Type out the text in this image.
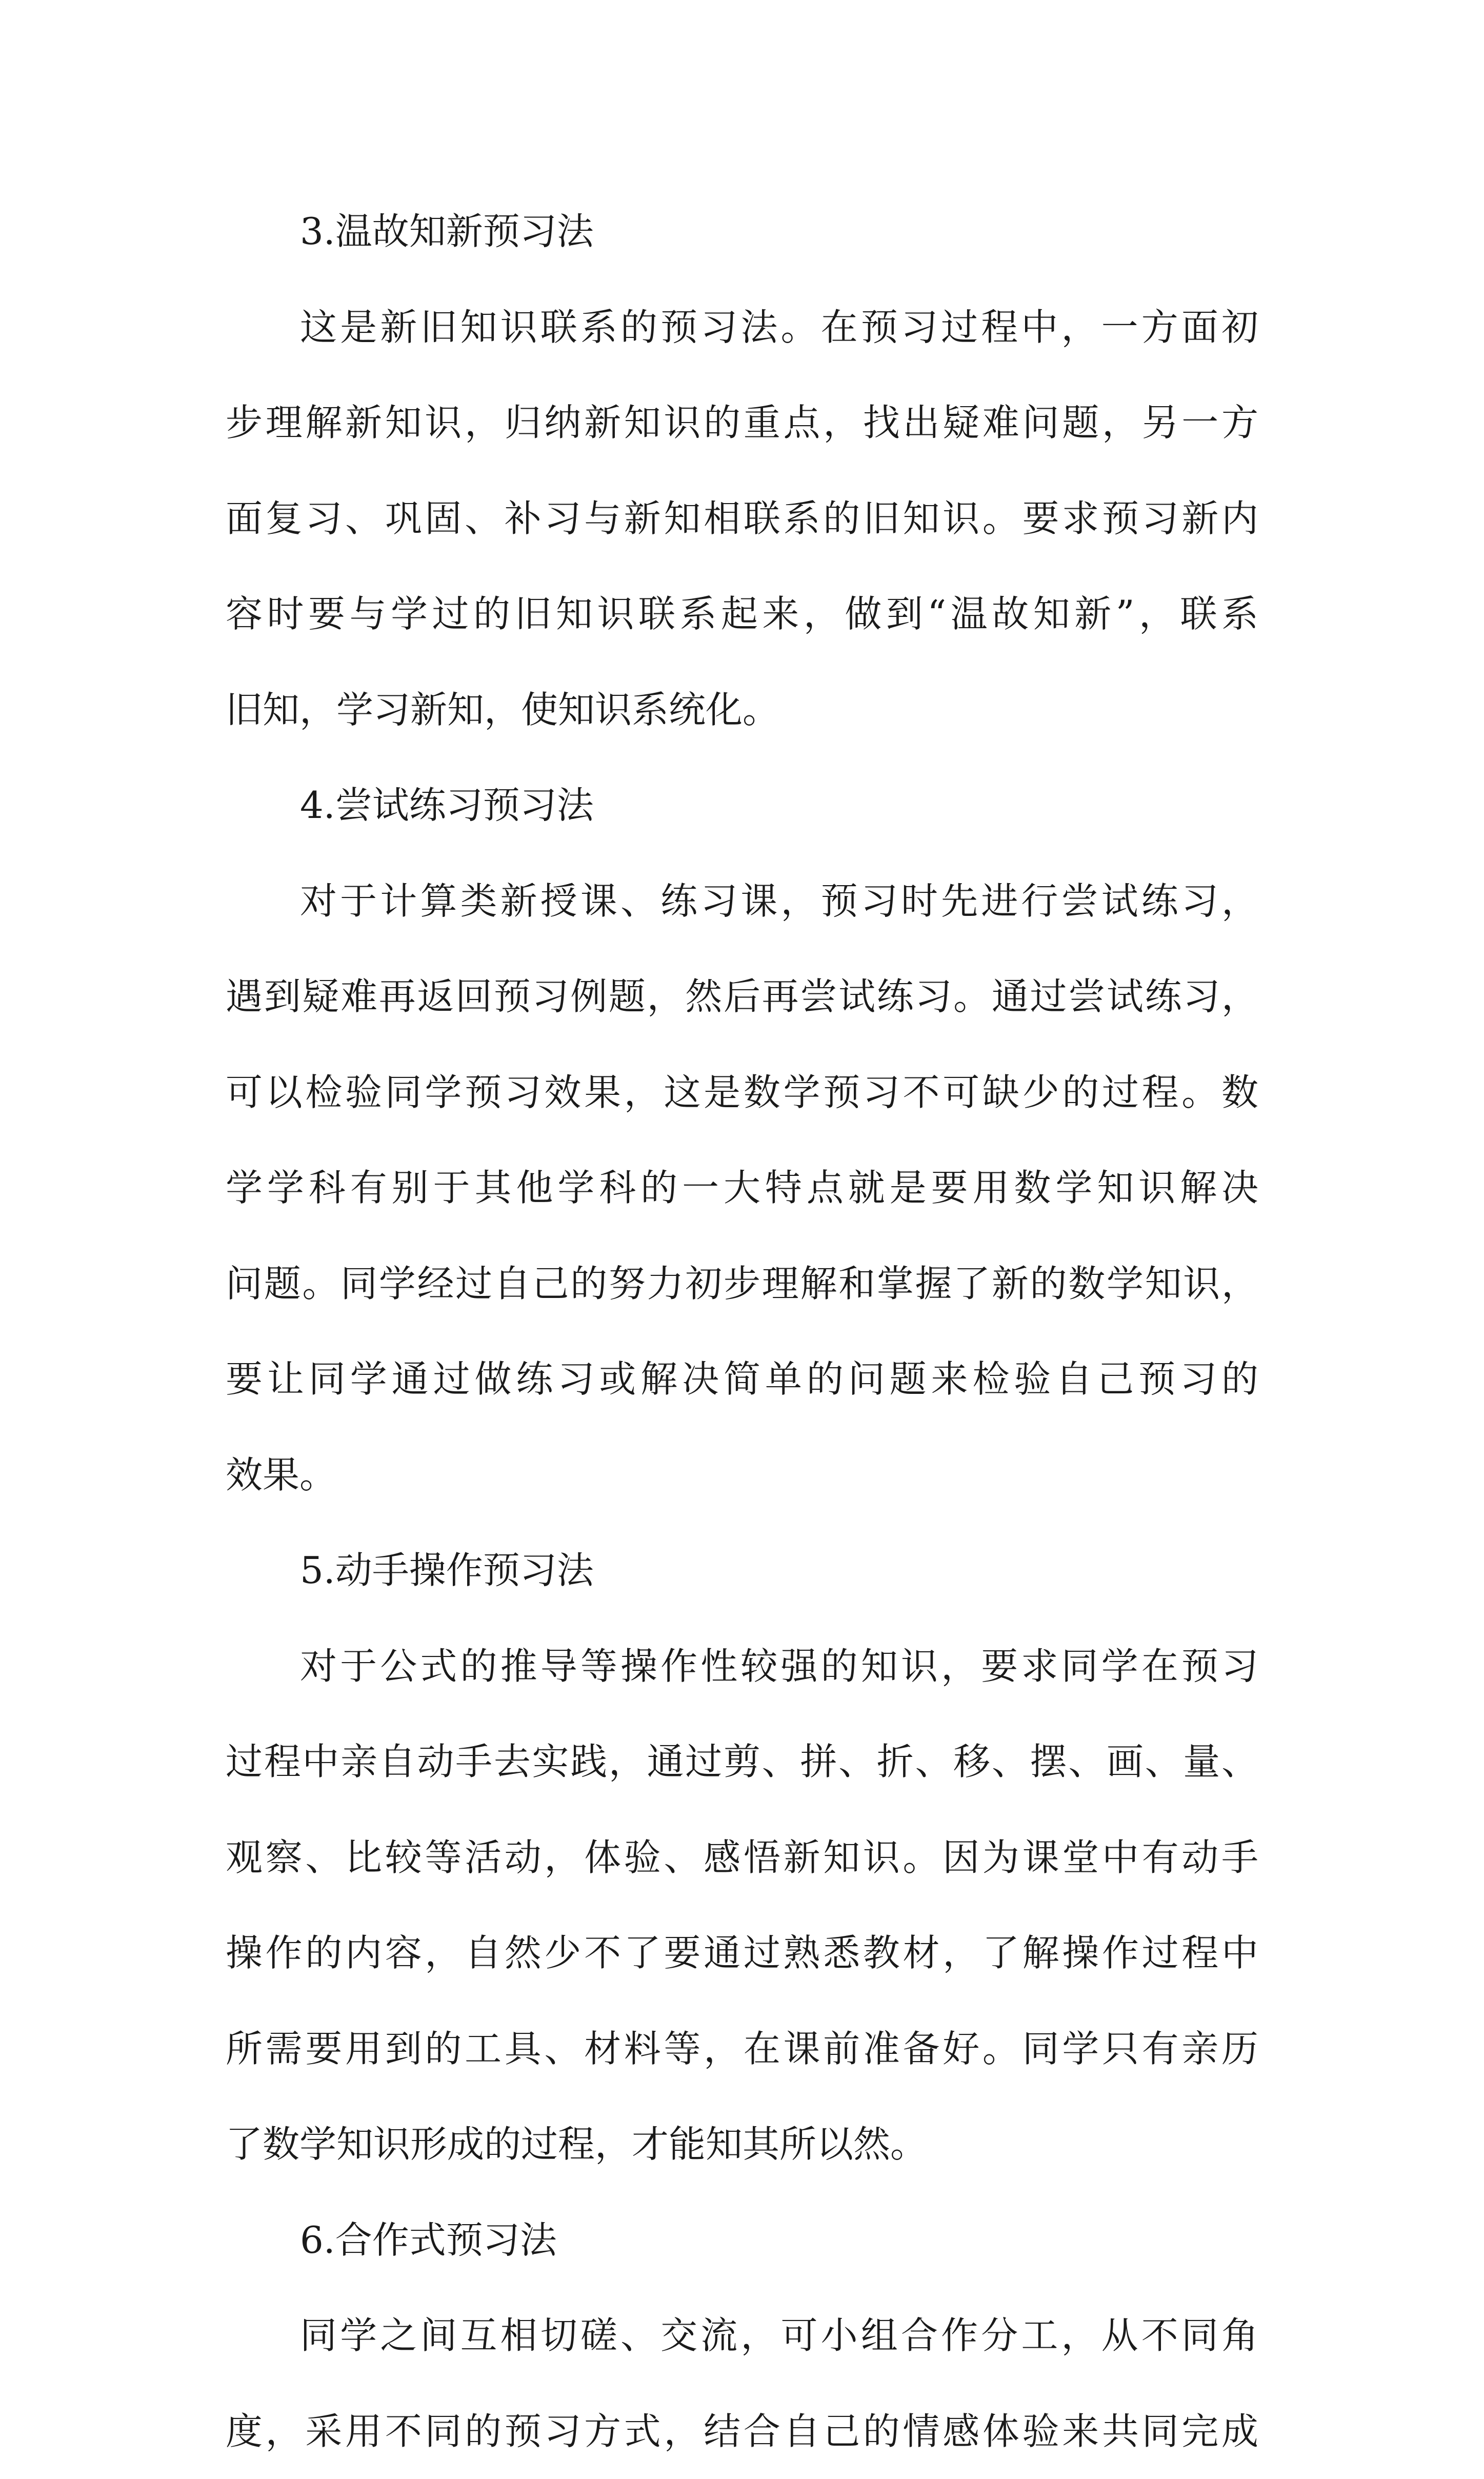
3.温故知新预习法
这是新旧知识联系的预习法。在预习过程中，一方面初
步理解新知识，归纳新知识的重点，找出疑难问题，另一方
面复习、巩固、补习与新知相联系的旧知识。要求预习新内
容时要与学过的旧知识联系起来，做到“温故知新”，联系
旧知，学习新知，使知识系统化。
4.尝试练习预习法
对于计算类新授课、练习课，预习时先进行尝试练习，
遇到疑难再返回预习例题，然后再尝试练习。通过尝试练习，
可以检验同学预习效果，这是数学预习不可缺少的过程。数
学学科有别于其他学科的一大特点就是要用数学知识解决
问题。同学经过自己的努力初步理解和掌握了新的数学知识，
要让同学通过做练习或解决简单的问题来检验自己预习的
效果。
5.动手操作预习法
对于公式的推导等操作性较强的知识，要求同学在预习
过程中亲自动手去实践，通过剪、拼、折、移、摆、画、量、
观察、比较等活动，体验、感悟新知识。因为课堂中有动手
操作的内容，自然少不了要通过熟悉教材，了解操作过程中
所需要用到的工具、材料等，在课前准备好。同学只有亲历
了数学知识形成的过程，才能知其所以然。
6.合作式预习法
同学之间互相切磋、交流，可小组合作分工，从不同角
度，采用不同的预习方式，结合自己的情感体验来共同完成
